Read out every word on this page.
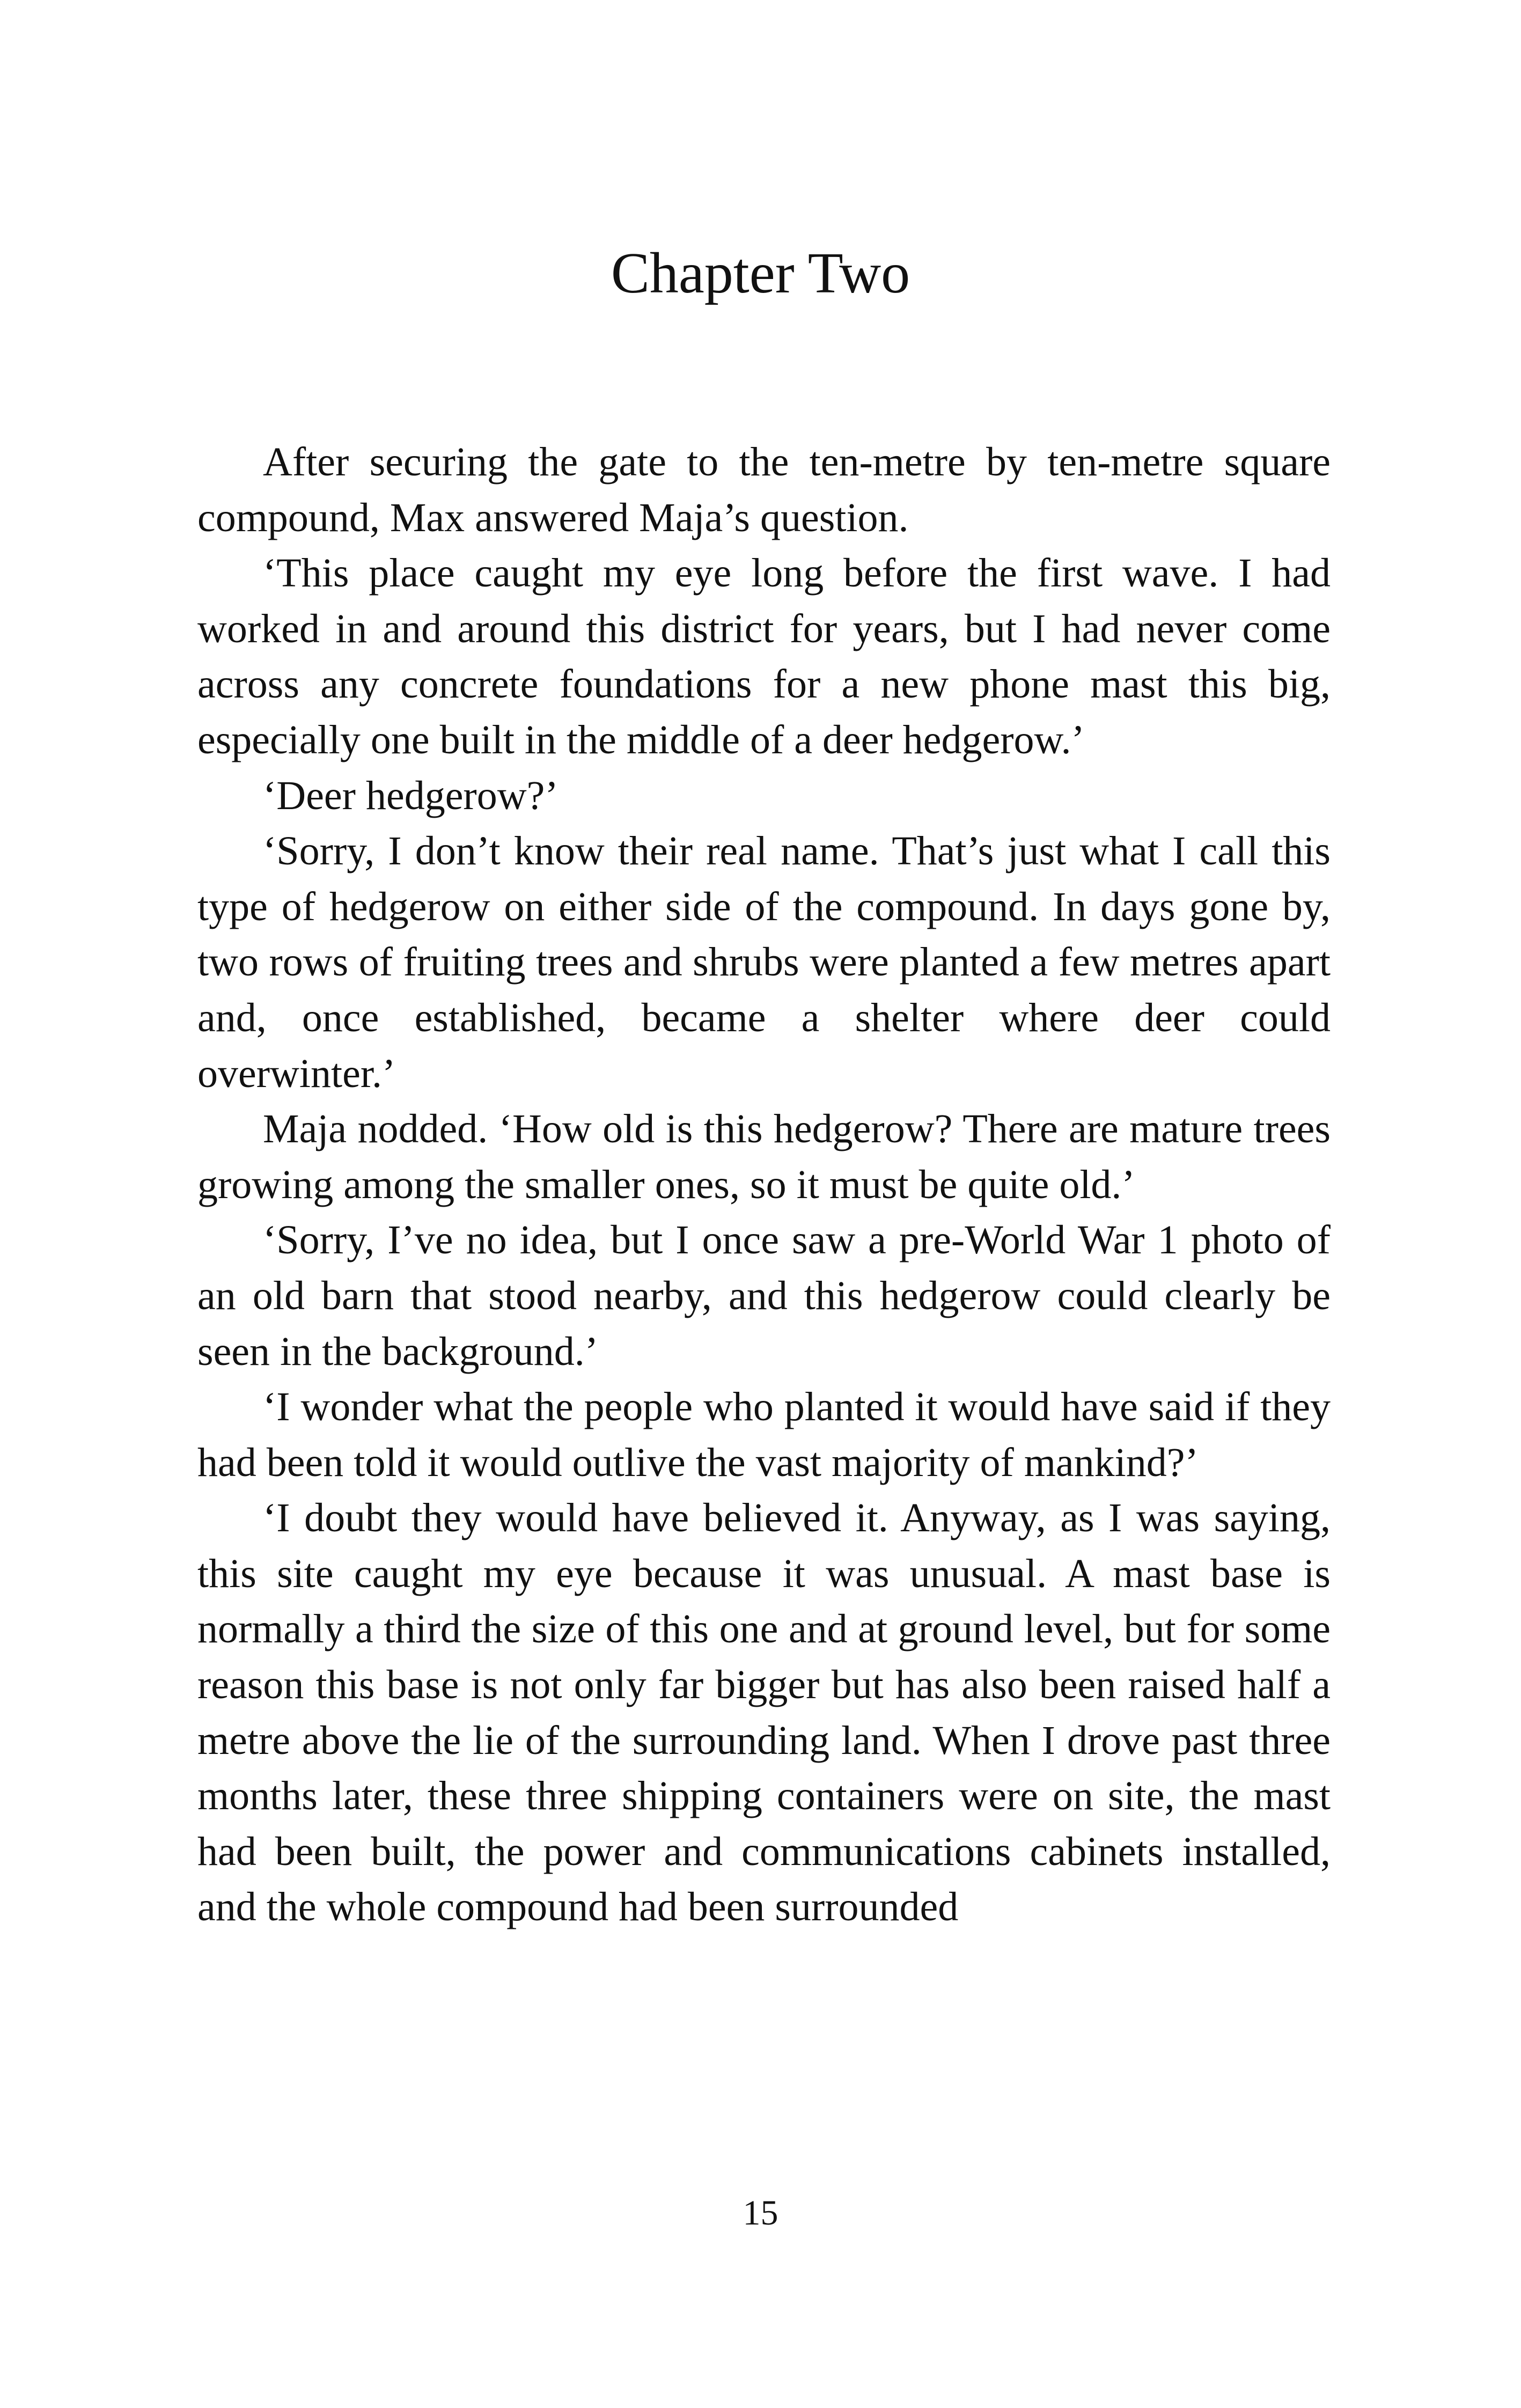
Chapter Two

After securing the gate to the ten-metre by ten-metre square compound, Max answered Maja’s question.

‘This place caught my eye long before the first wave. I had worked in and around this district for years, but I had never come across any concrete foundations for a new phone mast this big, especially one built in the middle of a deer hedgerow.’

‘Deer hedgerow?’

‘Sorry, I don’t know their real name. That’s just what I call this type of hedgerow on either side of the compound. In days gone by, two rows of fruiting trees and shrubs were planted a few metres apart and, once established, became a shelter where deer could overwinter.’

Maja nodded. ‘How old is this hedgerow? There are mature trees growing among the smaller ones, so it must be quite old.’

‘Sorry, I’ve no idea, but I once saw a pre-World War 1 photo of an old barn that stood nearby, and this hedgerow could clearly be seen in the background.’

‘I wonder what the people who planted it would have said if they had been told it would outlive the vast majority of mankind?’

‘I doubt they would have believed it. Anyway, as I was saying, this site caught my eye because it was unusual. A mast base is normally a third the size of this one and at ground level, but for some reason this base is not only far bigger but has also been raised half a metre above the lie of the surrounding land. When I drove past three months later, these three shipping containers were on site, the mast had been built, the power and communications cabinets installed, and the whole compound had been surrounded

15
